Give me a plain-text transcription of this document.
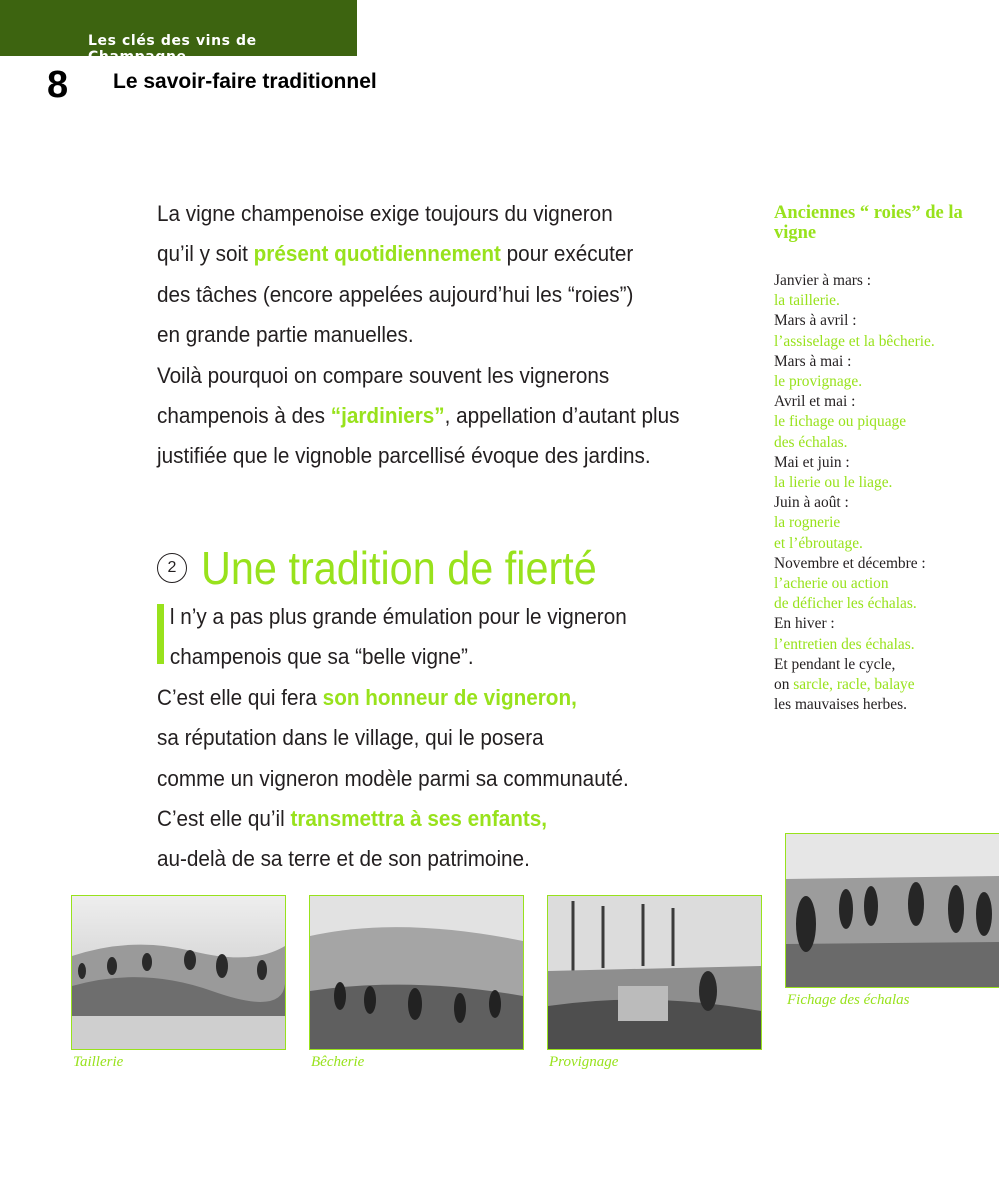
Les clés des vins de Champagne
8 Le savoir-faire traditionnel
La vigne champenoise exige toujours du vigneron
qu’il y soit présent quotidiennement pour exécuter
des tâches (encore appelées aujourd’hui les “roies”)
en grande partie manuelles.
Voilà pourquoi on compare souvent les vignerons
champenois à des “jardiniers”, appellation d’autant plus
justifiée que le vignoble parcellisé évoque des jardins.
2 Une tradition de fierté
l n’y a pas plus grande émulation pour le vigneron
champenois que sa “belle vigne”.
C’est elle qui fera son honneur de vigneron,
sa réputation dans le village, qui le posera
comme un vigneron modèle parmi sa communauté.
C’est elle qu’il transmettra à ses enfants,
au-delà de sa terre et de son patrimoine.
Anciennes “ roies” de la vigne
Janvier à mars :
la taillerie.
Mars à avril :
l’assiselage et la bêcherie.
Mars à mai :
le provignage.
Avril et mai :
le fichage ou piquage
des échalas.
Mai et juin :
la lierie ou le liage.
Juin à août :
la rognerie
et l’ébroutage.
Novembre et décembre :
l’acherie ou action
de déficher les échalas.
En hiver :
l’entretien des échalas.
Et pendant le cycle,
on sarcle, racle, balaye
les mauvaises herbes.
Taillerie	Bêcherie	Provignage
Fichage des échalas
